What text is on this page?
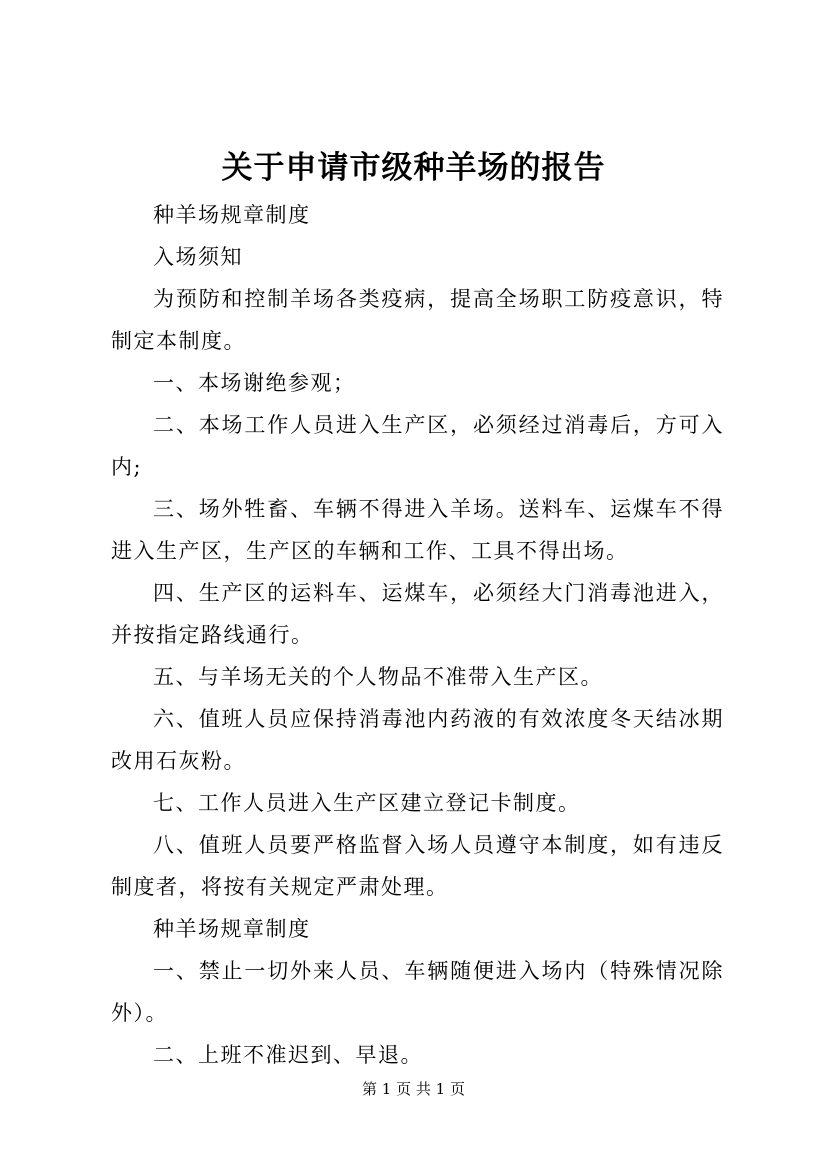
关于申请市级种羊场的报告

种羊场规章制度

入场须知

为预防和控制羊场各类疫病，提高全场职工防疫意识，特制定本制度。

一、本场谢绝参观；

二、本场工作人员进入生产区，必须经过消毒后，方可入内;

三、场外牲畜、车辆不得进入羊场。送料车、运煤车不得进入生产区，生产区的车辆和工作、工具不得出场。

四、生产区的运料车、运煤车，必须经大门消毒池进入，并按指定路线通行。

五、与羊场无关的个人物品不准带入生产区。

六、值班人员应保持消毒池内药液的有效浓度冬天结冰期改用石灰粉。

七、工作人员进入生产区建立登记卡制度。

八、值班人员要严格监督入场人员遵守本制度，如有违反制度者，将按有关规定严肃处理。

种羊场规章制度

一、禁止一切外来人员、车辆随便进入场内（特殊情况除外）。

二、上班不准迟到、早退。

第 1 页 共 1 页
